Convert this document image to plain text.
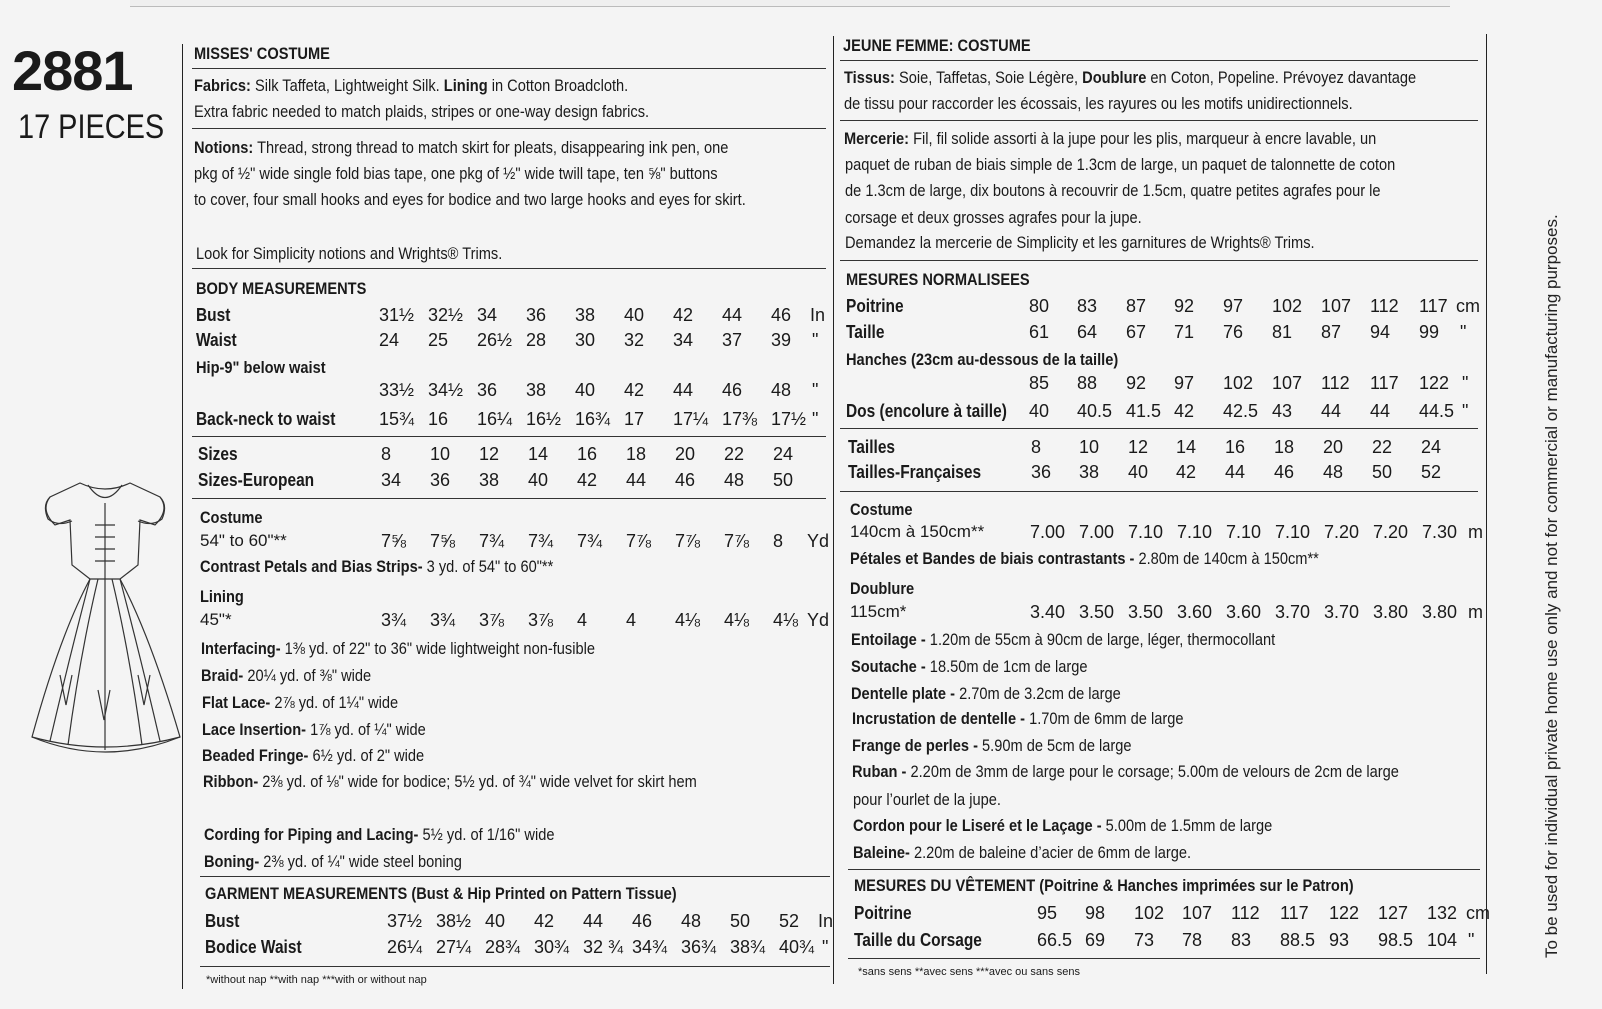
2881
17 PIECES
MISSES' COSTUME
Fabrics: Silk Taffeta, Lightweight Silk. Lining in Cotton Broadcloth.
Extra fabric needed to match plaids, stripes or one-way design fabrics.
Notions: Thread, strong thread to match skirt for pleats, disappearing ink pen, one
pkg of ½" wide single fold bias tape, one pkg of ½" wide twill tape, ten ⅝" buttons
to cover, four small hooks and eyes for bodice and two large hooks and eyes for skirt.
Look for Simplicity notions and Wrights® Trims.
BODY MEASUREMENTS
Bust	31½ 32½ 34 36 38 40 42 44 46 In
Waist	24 25 26½ 28 30 32 34 37 39 "
Hip-9" below waist
33½ 34½ 36 38 40 42 44 46 48 "
Back-neck to waist 15¾ 16 16¼ 16½ 16¾ 17 17¼ 17⅜ 17½ "
Sizes	8 10 12 14 16 18 20 22 24
Sizes-European	34 36 38 40 42 44 46 48 50
Costume
54" to 60"**	7⅝ 7⅝ 7¾ 7¾ 7¾ 7⅞ 7⅞ 7⅞ 8 Yd
Contrast Petals and Bias Strips- 3 yd. of 54" to 60"**
Lining
45"*	3¾ 3¾ 3⅞ 3⅞ 4 4 4⅛ 4⅛ 4⅛ Yd
Interfacing- 1⅜ yd. of 22" to 36" wide lightweight non-fusible
Braid- 20¼ yd. of ⅜" wide
Flat Lace- 2⅞ yd. of 1¼" wide
Lace Insertion- 1⅞ yd. of ¼" wide
Beaded Fringe- 6½ yd. of 2" wide
Ribbon- 2⅜ yd. of ⅛" wide for bodice; 5½ yd. of ¾" wide velvet for skirt hem
Cording for Piping and Lacing- 5½ yd. of 1/16" wide
Boning- 2⅜ yd. of ¼" wide steel boning
GARMENT MEASUREMENTS (Bust & Hip Printed on Pattern Tissue)
Bust	37½ 38½ 40 42 44 46 48 50 52 In
Bodice Waist	26¼ 27¼ 28¾ 30¾ 32 ¾ 34¾ 36¾ 38¾ 40¾ "
*without nap **with nap ***with or without nap
JEUNE FEMME: COSTUME
Tissus: Soie, Taffetas, Soie Légère, Doublure en Coton, Popeline. Prévoyez davantage
de tissu pour raccorder les écossais, les rayures ou les motifs unidirectionnels.
Mercerie: Fil, fil solide assorti à la jupe pour les plis, marqueur à encre lavable, un
paquet de ruban de biais simple de 1.3cm de large, un paquet de talonnette de coton
de 1.3cm de large, dix boutons à recouvrir de 1.5cm, quatre petites agrafes pour le
corsage et deux grosses agrafes pour la jupe.
Demandez la mercerie de Simplicity et les garnitures de Wrights® Trims.
MESURES NORMALISEES
Poitrine	80 83 87 92 97 102 107 112 117 cm
Taille	61 64 67 71 76 81 87 94 99 "
Hanches (23cm au-dessous de la taille)
85 88 92 97 102 107 112 117 122 "
Dos (encolure à taille) 40 40.5 41.5 42 42.5 43 44 44 44.5 "
Tailles	8 10 12 14 16 18 20 22 24
Tailles-Françaises	36 38 40 42 44 46 48 50 52
Costume
140cm à 150cm**	7.00 7.00 7.10 7.10 7.10 7.10 7.20 7.20 7.30 m
Pétales et Bandes de biais contrastants - 2.80m de 140cm à 150cm**
Doublure
115cm*	3.40 3.50 3.50 3.60 3.60 3.70 3.70 3.80 3.80 m
Entoilage - 1.20m de 55cm à 90cm de large, léger, thermocollant
Soutache - 18.50m de 1cm de large
Dentelle plate - 2.70m de 3.2cm de large
Incrustation de dentelle - 1.70m de 6mm de large
Frange de perles - 5.90m de 5cm de large
Ruban - 2.20m de 3mm de large pour le corsage; 5.00m de velours de 2cm de large
pour l’ourlet de la jupe.
Cordon pour le Liseré et le Laçage - 5.00m de 1.5mm de large
Baleine- 2.20m de baleine d’acier de 6mm de large.
MESURES DU VÊTEMENT (Poitrine & Hanches imprimées sur le Patron)
Poitrine	95 98 102 107 112 117 122 127 132 cm
Taille du Corsage	66.5 69 73 78 83 88.5 93 98.5 104 "
*sans sens **avec sens ***avec ou sans sens
To be used for individual private home use only and not for commercial or manufacturing purposes.
